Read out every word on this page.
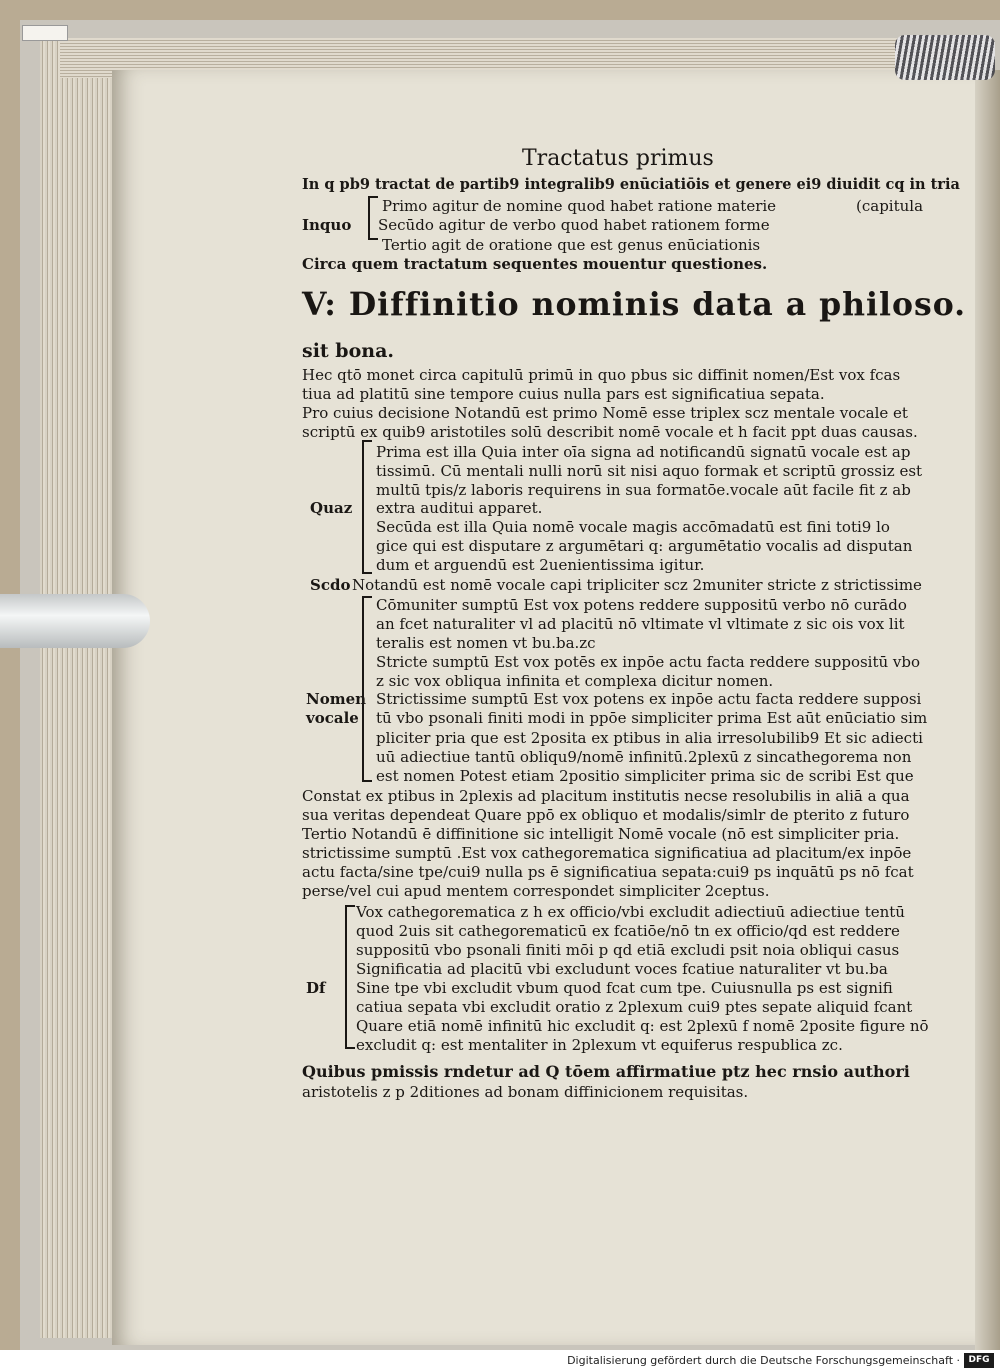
Tractatus primus
In q pb9 tractat de partib9 integralib9 enūciatiōis et genere ei9 diuidit cq in tria
Primo agitur de nomine quod habet ratione materie	(capitula
Inquo Secūdo agitur de verbo quod habet rationem forme
Tertio agit de oratione que est genus enūciationis
Circa quem tractatum sequentes mouentur questiones.
V: Diffinitio nominis data a philoso.
sit bona.
Hec qtō monet circa capitulū primū in quo pbus sic diffinit nomen/Est vox fcas
tiua ad platitū sine tempore cuius nulla pars est significatiua sepata.
Pro cuius decisione Notandū est primo Nomē esse triplex scz mentale vocale et
scriptū ex quib9 aristotiles solū describit nomē vocale et h facit ppt duas causas.
Prima est illa Quia inter oīa signa ad notificandū signatū vocale est ap
tissimū. Cū mentali nulli norū sit nisi aquo formak et scriptū grossiz est
multū tpis/z laboris requirens in sua formatōe.vocale aūt facile fit z ab
Quaz extra auditui apparet.
Secūda est illa Quia nomē vocale magis accōmadatū est fini toti9 lo
gice qui est disputare z argumētari q: argumētatio vocalis ad disputan
dum et arguendū est 2uenientissima igitur.
Scdo Notandū est nomē vocale capi tripliciter scz 2muniter stricte z strictissime
Cōmuniter sumptū Est vox potens reddere suppositū verbo nō curādo
an fcet naturaliter vl ad placitū nō vltimate vl vltimate z sic ois vox lit
teralis est nomen vt bu.ba.zc
Stricte sumptū Est vox potēs ex inpōe actu facta reddere suppositū vbo
z sic vox obliqua infinita et complexa dicitur nomen.
Nomen Strictissime sumptū Est vox potens ex inpōe actu facta reddere supposi
vocale tū vbo psonali finiti modi in ppōe simpliciter prima Est aūt enūciatio sim
pliciter pria que est 2posita ex ptibus in alia irresolubilib9 Et sic adiecti
uū adiectiue tantū obliqu9/nomē infinitū.2plexū z sincathegorema non
est nomen Potest etiam 2positio simpliciter prima sic de scribi Est que
Constat ex ptibus in 2plexis ad placitum institutis necse resolubilis in aliā a qua
sua veritas dependeat Quare ppō ex obliquo et modalis/simlr de pterito z futuro
Tertio Notandū ē diffinitione sic intelligit Nomē vocale (nō est simpliciter pria.
strictissime sumptū .Est vox cathegorematica significatiua ad placitum/ex inpōe
actu facta/sine tpe/cui9 nulla ps ē significatiua sepata:cui9 ps inquātū ps nō fcat
perse/vel cui apud mentem correspondet simpliciter 2ceptus.
Vox cathegorematica z h ex officio/vbi excludit adiectiuū adiectiue tentū
quod 2uis sit cathegorematicū ex fcatiōe/nō tn ex officio/qd est reddere
suppositū vbo psonali finiti mōi p qd etiā excludi psit noia obliqui casus
Significatia ad placitū vbi excludunt voces fcatiue naturaliter vt bu.ba
Df Sine tpe vbi excludit vbum quod fcat cum tpe. Cuiusnulla ps est signifi
catiua sepata vbi excludit oratio z 2plexum cui9 ptes sepate aliquid fcant
Quare etiā nomē infinitū hic excludit q: est 2plexū f nomē 2posite figure nō
excludit q: est mentaliter in 2plexum vt equiferus respublica zc.
Quibus pmissis rndetur ad Q tōem affirmatiue ptz hec rnsio authori
aristotelis z p 2ditiones ad bonam diffinicionem requisitas.
Digitalisierung gefördert durch die Deutsche Forschungsgemeinschaft · DFG
